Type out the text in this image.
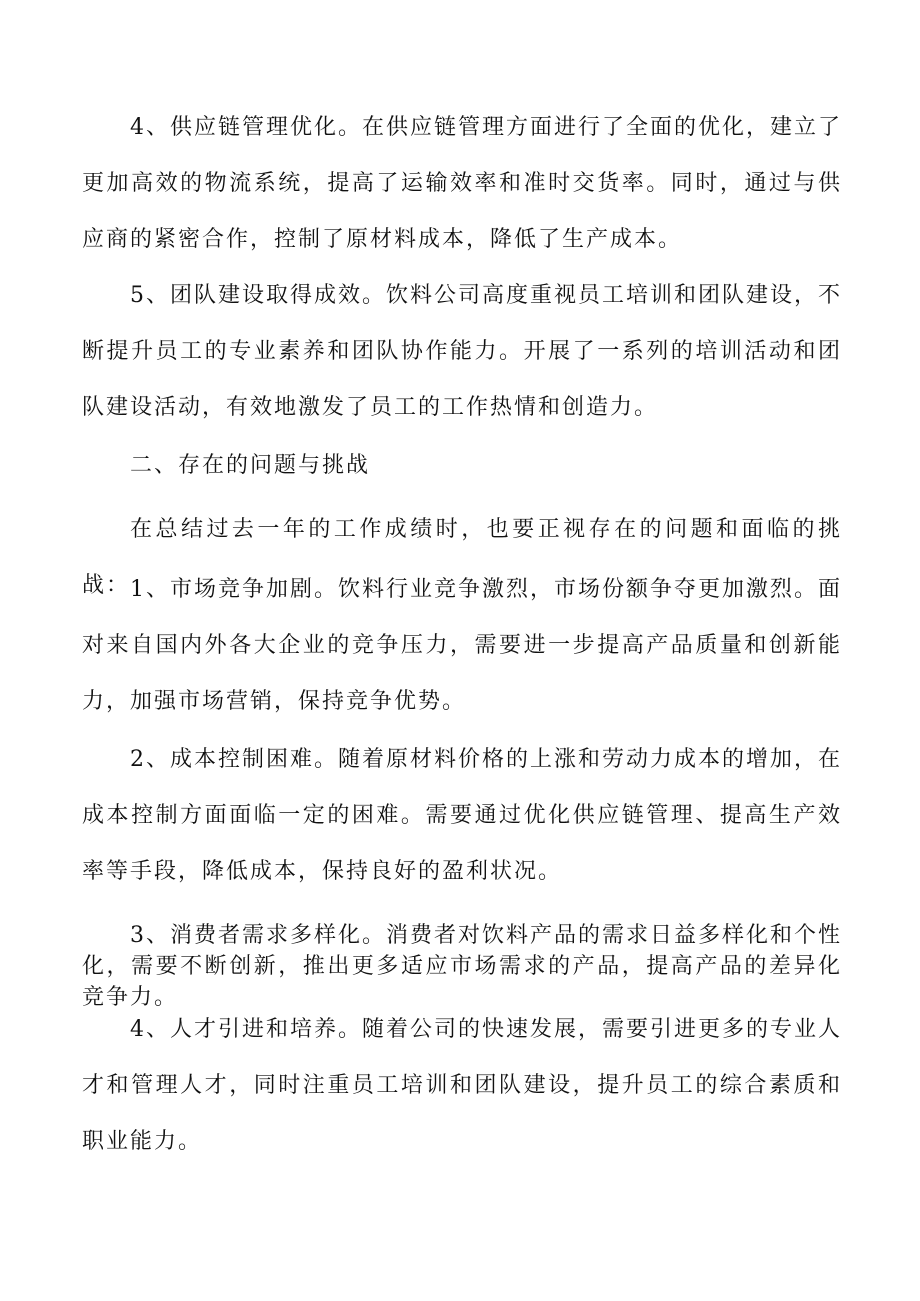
4、供应链管理优化。在供应链管理方面进行了全面的优化，建立了更加高效的物流系统，提高了运输效率和准时交货率。同时，通过与供应商的紧密合作，控制了原材料成本，降低了生产成本。

5、团队建设取得成效。饮料公司高度重视员工培训和团队建设，不断提升员工的专业素养和团队协作能力。开展了一系列的培训活动和团队建设活动，有效地激发了员工的工作热情和创造力。

二、存在的问题与挑战

在总结过去一年的工作成绩时，也要正视存在的问题和面临的挑战： 1、市场竞争加剧。饮料行业竞争激烈，市场份额争夺更加激烈。面对来自国内外各大企业的竞争压力，需要进一步提高产品质量和创新能力，加强市场营销，保持竞争优势。

2、成本控制困难。随着原材料价格的上涨和劳动力成本的增加，在成本控制方面面临一定的困难。需要通过优化供应链管理、提高生产效率等手段，降低成本，保持良好的盈利状况。

3、消费者需求多样化。消费者对饮料产品的需求日益多样化和个性化，需要不断创新，推出更多适应市场需求的产品，提高产品的差异化竞争力。

4、人才引进和培养。随着公司的快速发展，需要引进更多的专业人才和管理人才，同时注重员工培训和团队建设，提升员工的综合素质和职业能力。
